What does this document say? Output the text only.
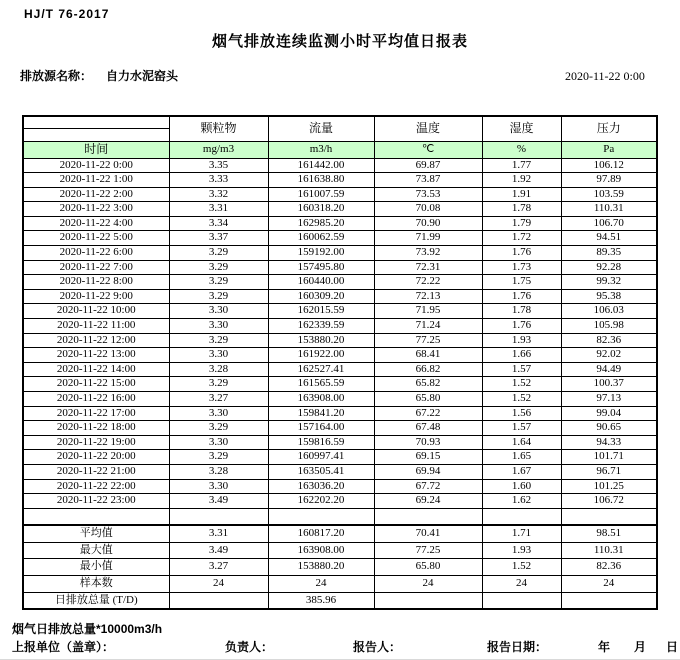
HJ/T 76-2017
烟气排放连续监测小时平均值日报表
排放源名称： 自力水泥窑头	2020-11-22 0:00
	颗粒物	流量	温度	湿度	压力

时间	mg/m3	m3/h	℃	%	Pa
2020-11-22 0:00	3.35	161442.00	69.87	1.77	106.12
2020-11-22 1:00	3.33	161638.80	73.87	1.92	97.89
2020-11-22 2:00	3.32	161007.59	73.53	1.91	103.59
2020-11-22 3:00	3.31	160318.20	70.08	1.78	110.31
2020-11-22 4:00	3.34	162985.20	70.90	1.79	106.70
2020-11-22 5:00	3.37	160062.59	71.99	1.72	94.51
2020-11-22 6:00	3.29	159192.00	73.92	1.76	89.35
2020-11-22 7:00	3.29	157495.80	72.31	1.73	92.28
2020-11-22 8:00	3.29	160440.00	72.22	1.75	99.32
2020-11-22 9:00	3.29	160309.20	72.13	1.76	95.38
2020-11-22 10:00	3.30	162015.59	71.95	1.78	106.03
2020-11-22 11:00	3.30	162339.59	71.24	1.76	105.98
2020-11-22 12:00	3.29	153880.20	77.25	1.93	82.36
2020-11-22 13:00	3.30	161922.00	68.41	1.66	92.02
2020-11-22 14:00	3.28	162527.41	66.82	1.57	94.49
2020-11-22 15:00	3.29	161565.59	65.82	1.52	100.37
2020-11-22 16:00	3.27	163908.00	65.80	1.52	97.13
2020-11-22 17:00	3.30	159841.20	67.22	1.56	99.04
2020-11-22 18:00	3.29	157164.00	67.48	1.57	90.65
2020-11-22 19:00	3.30	159816.59	70.93	1.64	94.33
2020-11-22 20:00	3.29	160997.41	69.15	1.65	101.71
2020-11-22 21:00	3.28	163505.41	69.94	1.67	96.71
2020-11-22 22:00	3.30	163036.20	67.72	1.60	101.25
2020-11-22 23:00	3.49	162202.20	69.24	1.62	106.72

平均值	3.31	160817.20	70.41	1.71	98.51
最大值	3.49	163908.00	77.25	1.93	110.31
最小值	3.27	153880.20	65.80	1.52	82.36
样本数	24	24	24	24	24
日排放总量 (T/D)		385.96			
烟气日排放总量*10000m3/h
上报单位（盖章）：	负责人：	报告人：	报告日期：	年 月 日
